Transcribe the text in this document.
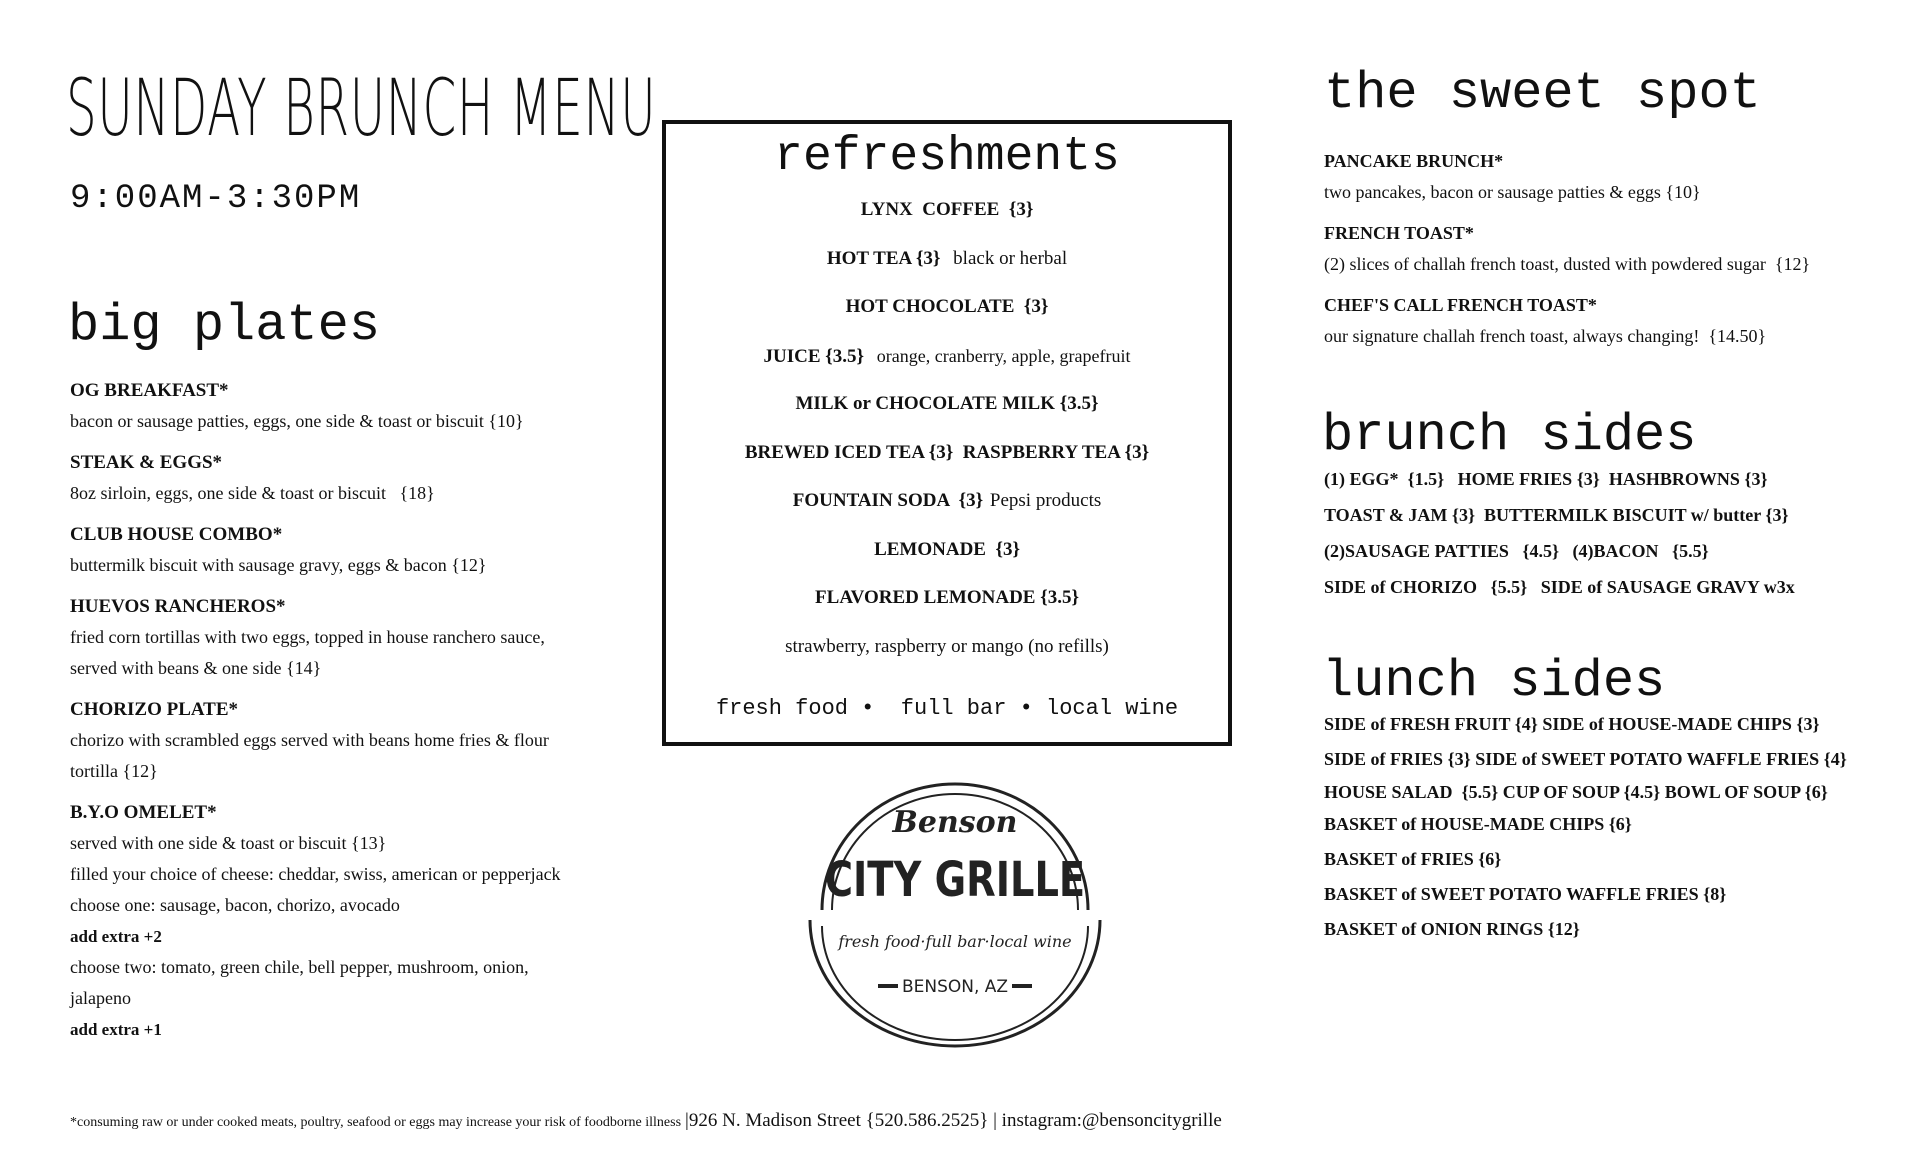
SUNDAY BRUNCH MENU
9:00AM-3:30PM
big plates
OG BREAKFAST*
bacon or sausage patties, eggs, one side & toast or biscuit {10}
STEAK & EGGS*
8oz sirloin, eggs, one side & toast or biscuit   {18}
CLUB HOUSE COMBO*
buttermilk biscuit with sausage gravy, eggs & bacon {12}
HUEVOS RANCHEROS*
fried corn tortillas with two eggs, topped in house ranchero sauce,
served with beans & one side {14}
CHORIZO PLATE*
chorizo with scrambled eggs served with beans home fries & flour
tortilla {12}
B.Y.O OMELET*
served with one side & toast or biscuit {13}
filled your choice of cheese: cheddar, swiss, american or pepperjack
choose one: sausage, bacon, chorizo, avocado
add extra +2
choose two: tomato, green chile, bell pepper, mushroom, onion,
jalapeno
add extra +1
refreshments
LYNX  COFFEE  {3}
HOT TEA {3} black or herbal
HOT CHOCOLATE  {3}
JUICE {3.5} orange, cranberry, apple, grapefruit
MILK or CHOCOLATE MILK {3.5}
BREWED ICED TEA {3}  RASPBERRY TEA {3}
FOUNTAIN SODA  {3} Pepsi products
LEMONADE  {3}
FLAVORED LEMONADE {3.5}
strawberry, raspberry or mango (no refills)
fresh food •  full bar • local wine
Benson
CITY GRILLE
fresh food·full bar·local wine
BENSON, AZ
the sweet spot
PANCAKE BRUNCH*
two pancakes, bacon or sausage patties & eggs {10}
FRENCH TOAST*
(2) slices of challah french toast, dusted with powdered sugar  {12}
CHEF'S CALL FRENCH TOAST*
our signature challah french toast, always changing!  {14.50}
brunch sides
(1) EGG*  {1.5}   HOME FRIES {3}  HASHBROWNS {3}
TOAST & JAM {3}  BUTTERMILK BISCUIT w/ butter {3}
(2)SAUSAGE PATTIES   {4.5}   (4)BACON   {5.5}
SIDE of CHORIZO   {5.5}   SIDE of SAUSAGE GRAVY w3x
lunch sides
SIDE of FRESH FRUIT {4} SIDE of HOUSE-MADE CHIPS {3}
SIDE of FRIES {3} SIDE of SWEET POTATO WAFFLE FRIES {4}
HOUSE SALAD  {5.5} CUP OF SOUP {4.5} BOWL OF SOUP {6}
BASKET of HOUSE-MADE CHIPS {6}
BASKET of FRIES {6}
BASKET of SWEET POTATO WAFFLE FRIES {8}
BASKET of ONION RINGS {12}
*consuming raw or under cooked meats, poultry, seafood or eggs may increase your risk of foodborne illness |926 N. Madison Street {520.586.2525} | instagram:@bensoncitygrille
